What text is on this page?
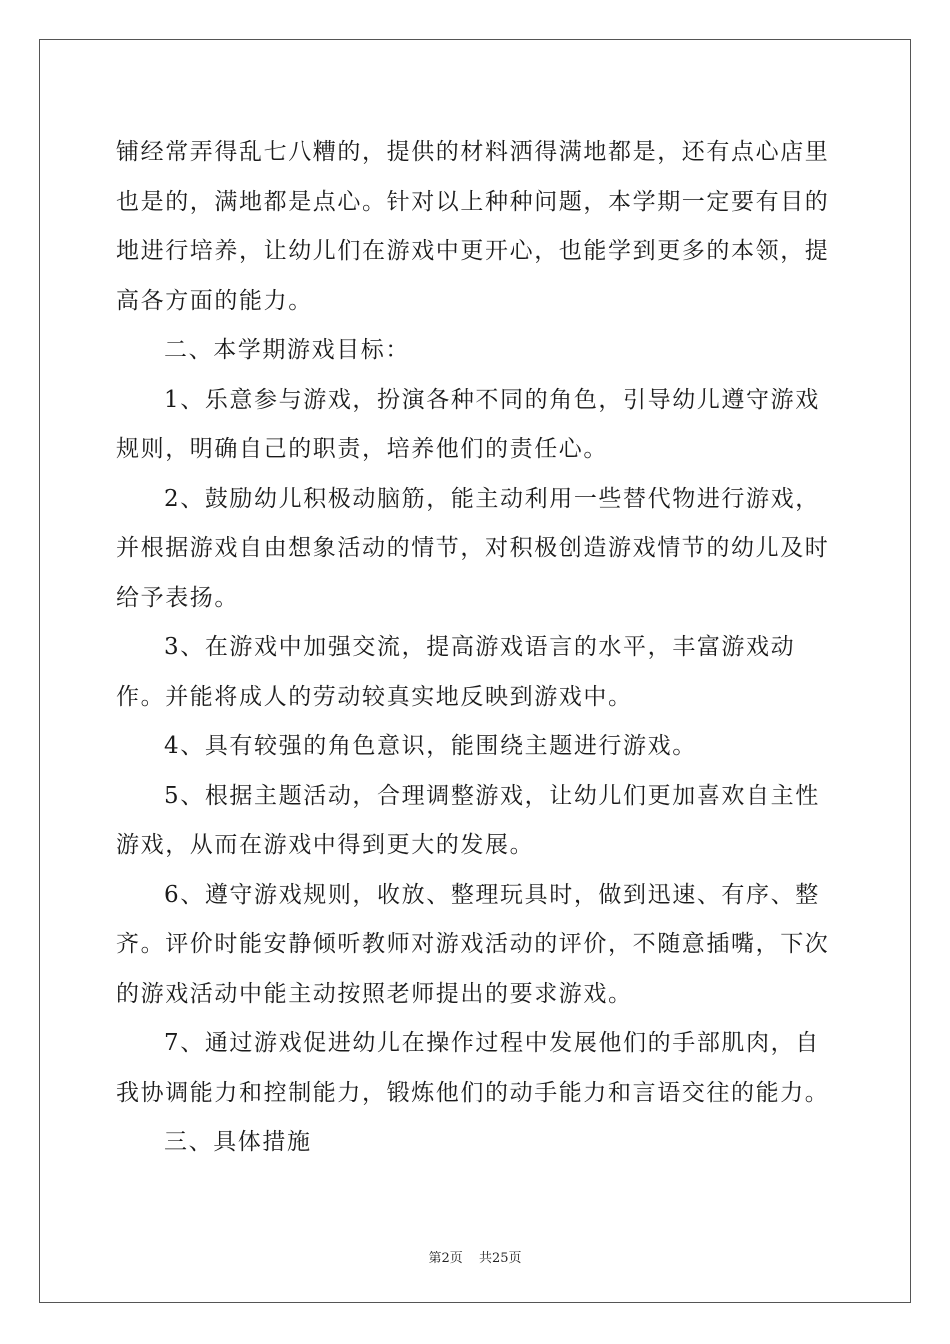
铺经常弄得乱七八糟的，提供的材料洒得满地都是，还有点心店里也是的，满地都是点心。针对以上种种问题，本学期一定要有目的地进行培养，让幼儿们在游戏中更开心，也能学到更多的本领，提高各方面的能力。

二、本学期游戏目标：

1、乐意参与游戏，扮演各种不同的角色，引导幼儿遵守游戏规则，明确自己的职责，培养他们的责任心。

2、鼓励幼儿积极动脑筋，能主动利用一些替代物进行游戏，并根据游戏自由想象活动的情节，对积极创造游戏情节的幼儿及时给予表扬。

3、在游戏中加强交流，提高游戏语言的水平，丰富游戏动作。并能将成人的劳动较真实地反映到游戏中。

4、具有较强的角色意识，能围绕主题进行游戏。

5、根据主题活动，合理调整游戏，让幼儿们更加喜欢自主性游戏，从而在游戏中得到更大的发展。

6、遵守游戏规则，收放、整理玩具时，做到迅速、有序、整齐。评价时能安静倾听教师对游戏活动的评价，不随意插嘴，下次的游戏活动中能主动按照老师提出的要求游戏。

7、通过游戏促进幼儿在操作过程中发展他们的手部肌肉，自我协调能力和控制能力，锻炼他们的动手能力和言语交往的能力。

三、具体措施

第2页 共25页
